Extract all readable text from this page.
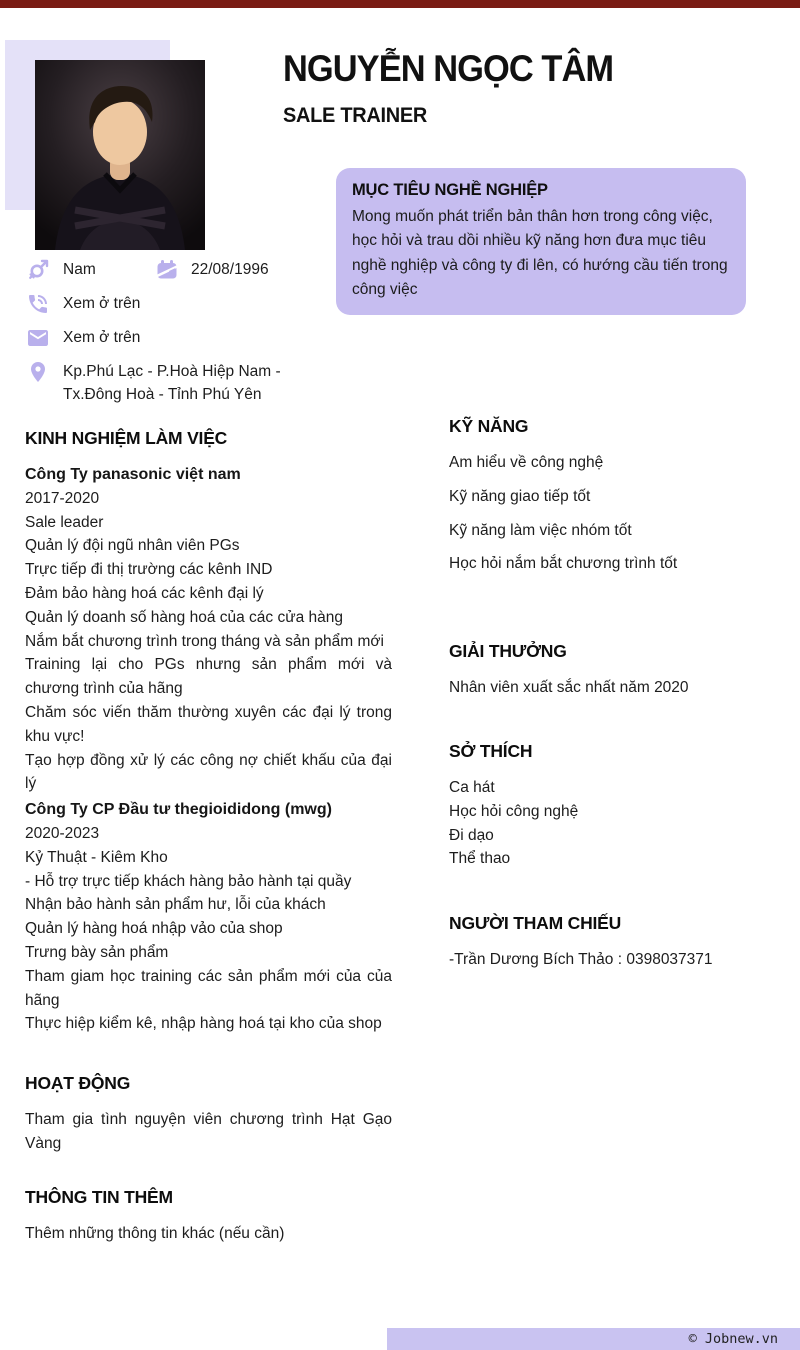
NGUYỄN NGỌC TÂM
SALE TRAINER
MỤC TIÊU NGHỀ NGHIỆP

Mong muốn phát triển bản thân hơn trong công việc, học hỏi và trau dồi nhiều kỹ năng hơn đưa mục tiêu nghề nghiệp và công ty đi lên, có hướng cầu tiến trong công việc

Nam	22/08/1996
Xem ở trên
Xem ở trên
Kp.Phú Lạc - P.Hoà Hiệp Nam - Tx.Đông Hoà - Tỉnh Phú Yên
KINH NGHIỆM LÀM VIỆC
Công Ty panasonic việt nam
2017-2020
Sale leader
Quản lý đội ngũ nhân viên PGs
Trực tiếp đi thị trường các kênh IND
Đảm bảo hàng hoá các kênh đại lý
Quản lý doanh số hàng hoá của các cửa hàng
Nắm bắt chương trình trong tháng và sản phẩm mới
Training lại cho PGs nhưng sản phẩm mới và chương trình của hãng
Chăm sóc viến thăm thường xuyên các đại lý trong khu vực!
Tạo hợp đồng xử lý các công nợ chiết khấu của đại lý
Công Ty CP Đầu tư thegioididong (mwg)
2020-2023
Kỷ Thuật - Kiêm Kho
- Hỗ trợ trực tiếp khách hàng bảo hành tại quầy
Nhận bảo hành sản phẩm hư, lỗi của khách
Quản lý hàng hoá nhập vảo của shop
Trưng bày sản phẩm
Tham giam học training các sản phẩm mới của của hãng
Thực hiệp kiểm kê, nhập hàng hoá tại kho của shop
HOẠT ĐỘNG
Tham gia tình nguyện viên chương trình Hạt Gạo Vàng
THÔNG TIN THÊM
Thêm những thông tin khác (nếu cần)
KỸ NĂNG
Am hiểu về công nghệ
Kỹ năng giao tiếp tốt
Kỹ năng làm việc nhóm tốt
Học hỏi nắm bắt chương trình tốt
GIẢI THƯỞNG
Nhân viên xuất sắc nhất năm 2020
SỞ THÍCH
Ca hát
Học hỏi công nghệ
Đi dạo
Thể thao
NGƯỜI THAM CHIẾU
-Trần Dương Bích Thảo : 0398037371
© Jobnew.vn
